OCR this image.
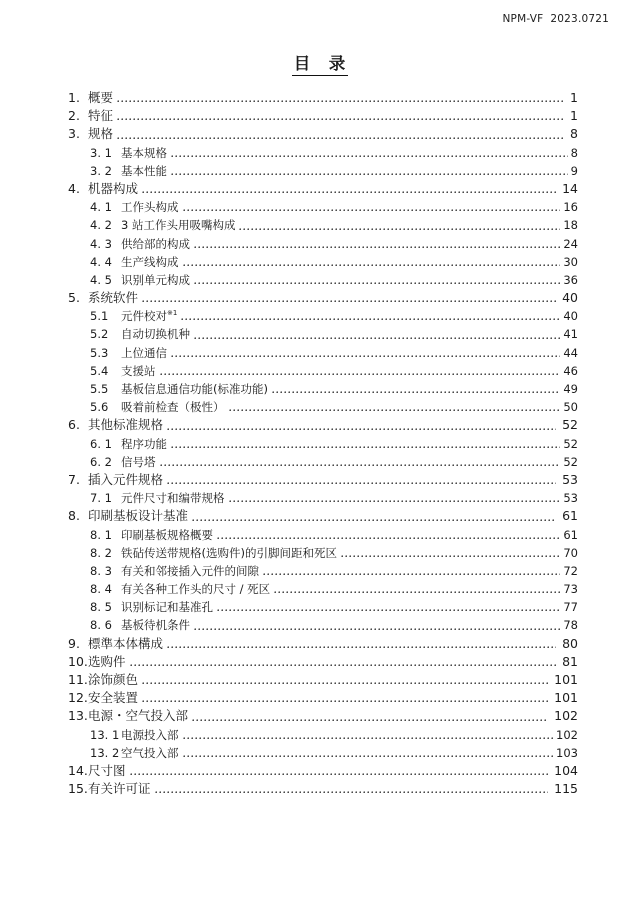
NPM-VF  2023.0721
目　录
1. 概要	1
2. 特征	1
3. 规格	8
3. 1 基本规格	8
3. 2 基本性能	9
4. 机器构成	14
4. 1 工作头构成	16
4. 2 3 站工作头用吸嘴构成	18
4. 3 供给部的构成	24
4. 4 生产线构成	30
4. 5 识别单元构成	36
5. 系统软件	40
5.1	元件校对$^{※1}$	40
5.2	自动切换机种	41
5.3	上位通信	44
5.4	支援站	46
5.5	基板信息通信功能(标准功能)	49
5.6	吸着前检查（极性）	50
6. 其他标准规格	52
6. 1 程序功能	52
6. 2 信号塔	52
7. 插入元件规格	53
7. 1 元件尺寸和编带规格	53
8. 印刷基板设计基准	61
8. 1 印刷基板规格概要	61
8. 2 铁砧传送带规格(选购件)的引脚间距和死区	70
8. 3 有关和邻接插入元件的间隙	72
8. 4 有关各种工作头的尺寸 / 死区	73
8. 5 识别标记和基准孔	77
8. 6 基板待机条件	78
9. 標準本体構成	80
10. 选购件	81
11. 涂饰颜色	101
12. 安全装置	101
13. 电源・空气投入部	102
13. 1 电源投入部	102
13. 2 空气投入部	103
14. 尺寸图	104
15. 有关许可证	115
